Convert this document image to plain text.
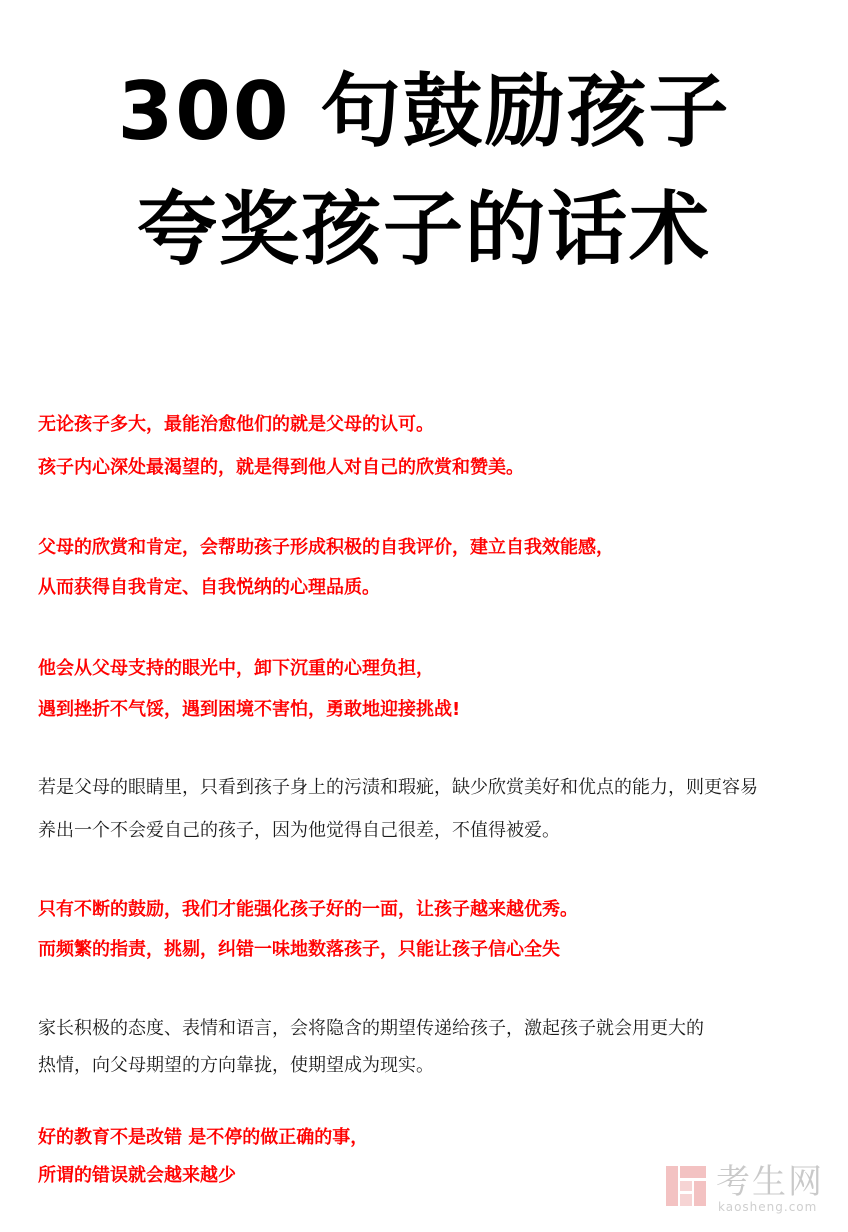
300 句鼓励孩子
夸奖孩子的话术
无论孩子多大，最能治愈他们的就是父母的认可。
孩子内心深处最渴望的，就是得到他人对自己的欣赏和赞美。
父母的欣赏和肯定，会帮助孩子形成积极的自我评价，建立自我效能感，
从而获得自我肯定、自我悦纳的心理品质。
他会从父母支持的眼光中，卸下沉重的心理负担，
遇到挫折不气馁，遇到困境不害怕，勇敢地迎接挑战!
若是父母的眼睛里，只看到孩子身上的污渍和瑕疵，缺少欣赏美好和优点的能力，则更容易
养出一个不会爱自己的孩子，因为他觉得自己很差，不值得被爱。
只有不断的鼓励，我们才能强化孩子好的一面，让孩子越来越优秀。
而频繁的指责，挑剔，纠错一味地数落孩子，只能让孩子信心全失
家长积极的态度、表情和语言，会将隐含的期望传递给孩子，激起孩子就会用更大的
热情，向父母期望的方向靠拢，使期望成为现实。
好的教育不是改错 是不停的做正确的事，
所谓的错误就会越来越少	考生网
kaosheng.com
